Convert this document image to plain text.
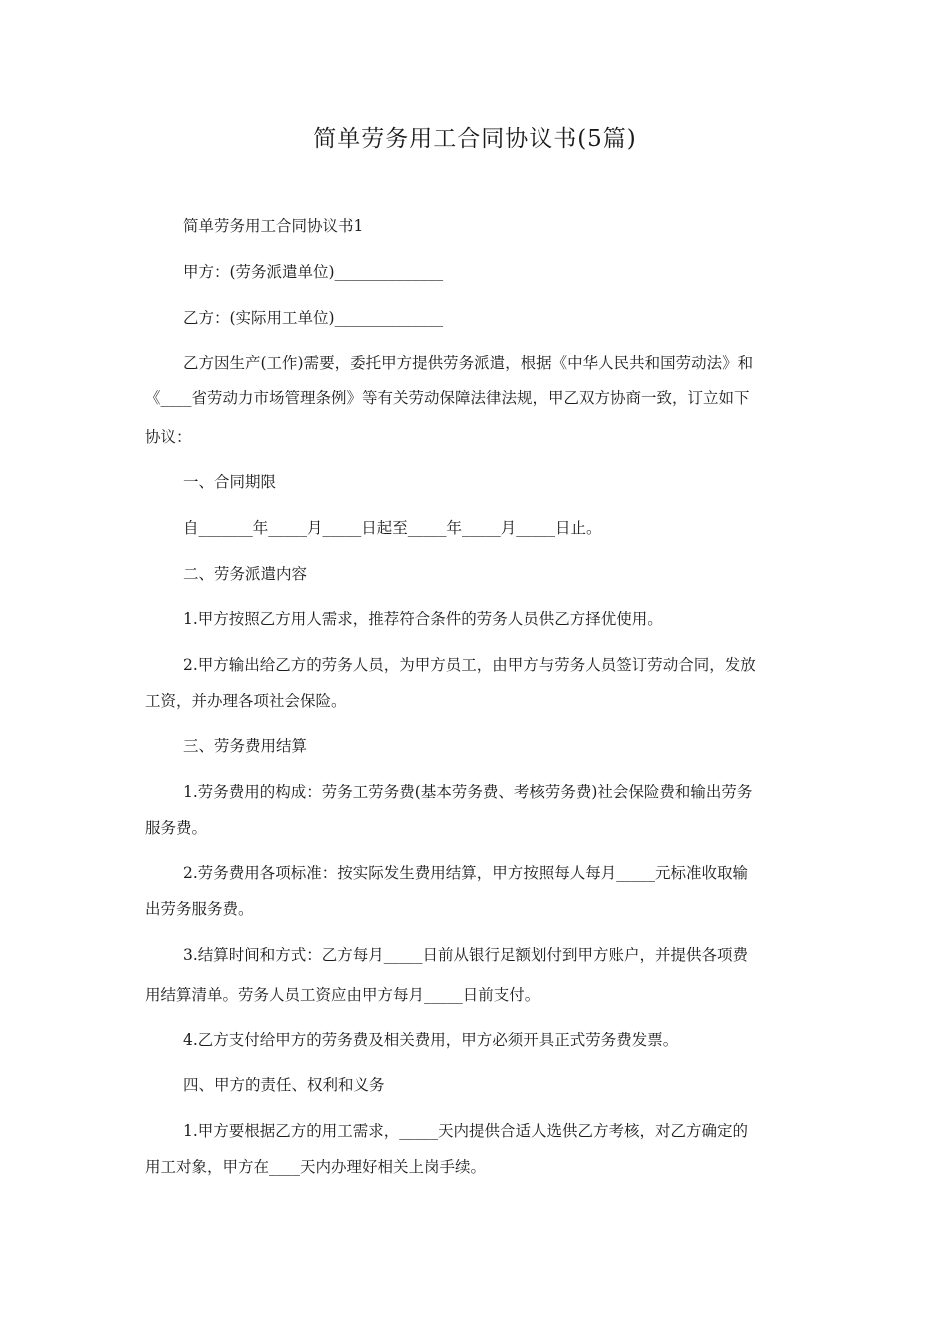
简单劳务用工合同协议书(5篇)

简单劳务用工合同协议书1

甲方：(劳务派遣单位)______________

乙方：(实际用工单位)______________

乙方因生产(工作)需要，委托甲方提供劳务派遣，根据《中华人民共和国劳动法》和

《____省劳动力市场管理条例》等有关劳动保障法律法规，甲乙双方协商一致，订立如下

协议：

一、合同期限

自_______年_____月_____日起至_____年_____月_____日止。

二、劳务派遣内容

1.甲方按照乙方用人需求，推荐符合条件的劳务人员供乙方择优使用。

2.甲方输出给乙方的劳务人员，为甲方员工，由甲方与劳务人员签订劳动合同，发放

工资，并办理各项社会保险。

三、劳务费用结算

1.劳务费用的构成：劳务工劳务费(基本劳务费、考核劳务费)社会保险费和输出劳务

服务费。

2.劳务费用各项标准：按实际发生费用结算，甲方按照每人每月_____元标准收取输

出劳务服务费。

3.结算时间和方式：乙方每月_____日前从银行足额划付到甲方账户，并提供各项费

用结算清单。劳务人员工资应由甲方每月_____日前支付。

4.乙方支付给甲方的劳务费及相关费用，甲方必须开具正式劳务费发票。

四、甲方的责任、权利和义务

1.甲方要根据乙方的用工需求，_____天内提供合适人选供乙方考核，对乙方确定的

用工对象，甲方在____天内办理好相关上岗手续。
